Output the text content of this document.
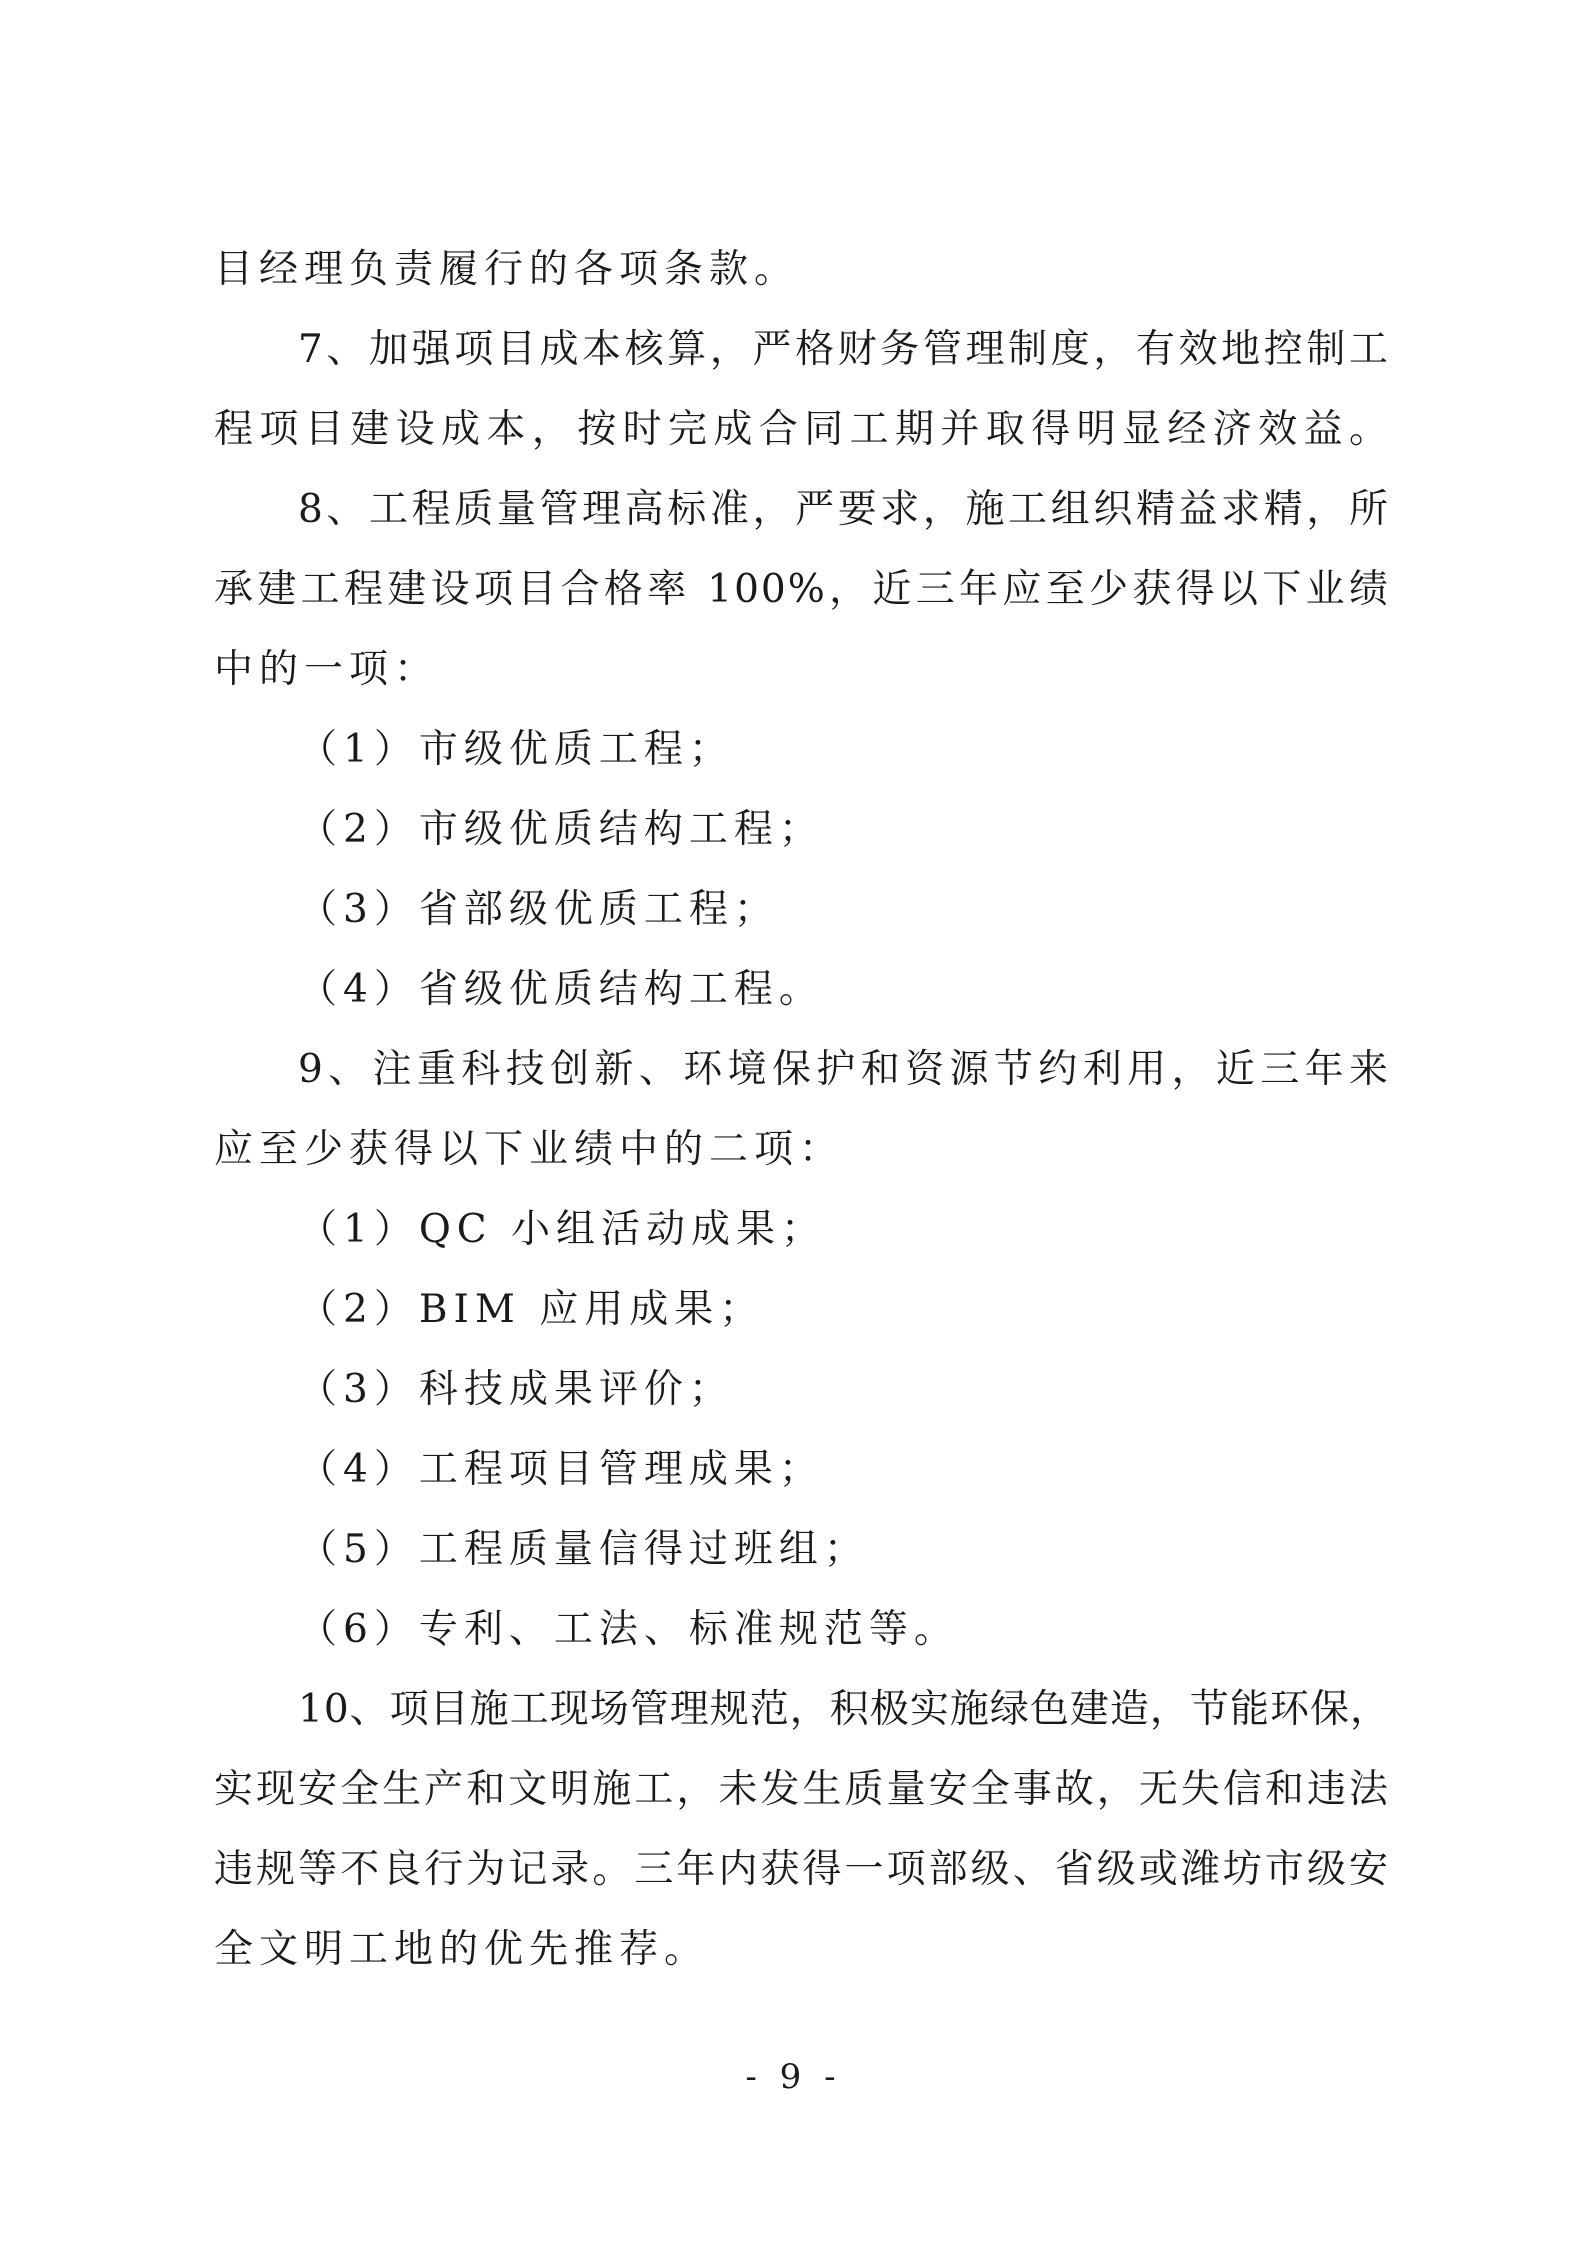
目经理负责履行的各项条款。
7、加强项目成本核算，严格财务管理制度，有效地控制工
程项目建设成本，按时完成合同工期并取得明显经济效益。
8、工程质量管理高标准，严要求，施工组织精益求精，所
承建工程建设项目合格率 100%，近三年应至少获得以下业绩
中的一项：
（1）市级优质工程；
（2）市级优质结构工程；
（3）省部级优质工程；
（4）省级优质结构工程。
9、注重科技创新、环境保护和资源节约利用，近三年来
应至少获得以下业绩中的二项：
（1）QC 小组活动成果；
（2）BIM 应用成果；
（3）科技成果评价；
（4）工程项目管理成果；
（5）工程质量信得过班组；
（6）专利、工法、标准规范等。
10、项目施工现场管理规范，积极实施绿色建造，节能环保，
实现安全生产和文明施工，未发生质量安全事故，无失信和违法
违规等不良行为记录。三年内获得一项部级、省级或潍坊市级安
全文明工地的优先推荐。
- 9 -
